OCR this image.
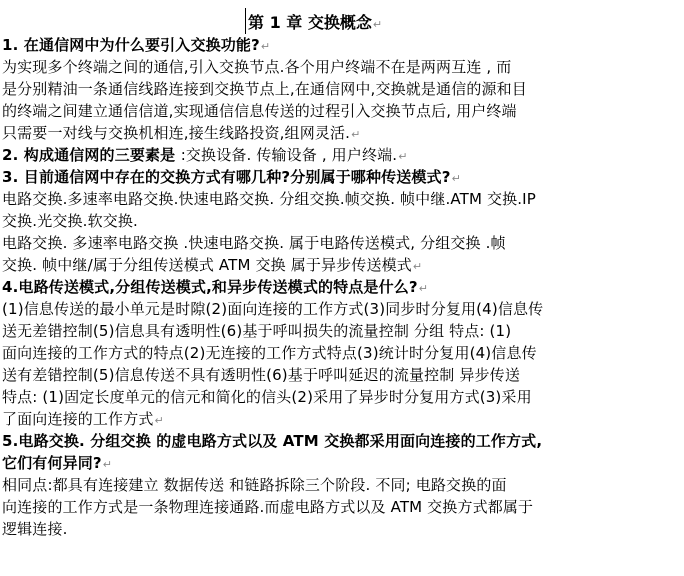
第 1 章 交换概念↵
1. 在通信网中为什么要引入交换功能?↵
为实现多个终端之间的通信,引入交换节点.各个用户终端不在是两两互连 , 而
是分别精油一条通信线路连接到交换节点上,在通信网中,交换就是通信的源和目
的终端之间建立通信信道,实现通信信息传送的过程引入交换节点后, 用户终端
只需要一对线与交换机相连,接生线路投资,组网灵活.↵
2. 构成通信网的三要素是 :交换设备. 传输设备 , 用户终端.↵
3. 目前通信网中存在的交换方式有哪几种?分别属于哪种传送模式?↵
电路交换.多速率电路交换.快速电路交换. 分组交换.帧交换. 帧中继.ATM 交换.IP
交换.光交换.软交换.
电路交换. 多速率电路交换 .快速电路交换. 属于电路传送模式, 分组交换 .帧
交换. 帧中继/属于分组传送模式 ATM 交换 属于异步传送模式↵
4.电路传送模式,分组传送模式,和异步传送模式的特点是什么?↵
(1)信息传送的最小单元是时隙(2)面向连接的工作方式(3)同步时分复用(4)信息传
送无差错控制(5)信息具有透明性(6)基于呼叫损失的流量控制 分组 特点: (1)
面向连接的工作方式的特点(2)无连接的工作方式特点(3)统计时分复用(4)信息传
送有差错控制(5)信息传送不具有透明性(6)基于呼叫延迟的流量控制 异步传送
特点: (1)固定长度单元的信元和简化的信头(2)采用了异步时分复用方式(3)采用
了面向连接的工作方式↵
5.电路交换. 分组交换 的虚电路方式以及 ATM 交换都采用面向连接的工作方式,
它们有何异同?↵
相同点:都具有连接建立 数据传送 和链路拆除三个阶段. 不同; 电路交换的面
向连接的工作方式是一条物理连接通路.而虚电路方式以及 ATM 交换方式都属于
逻辑连接.
